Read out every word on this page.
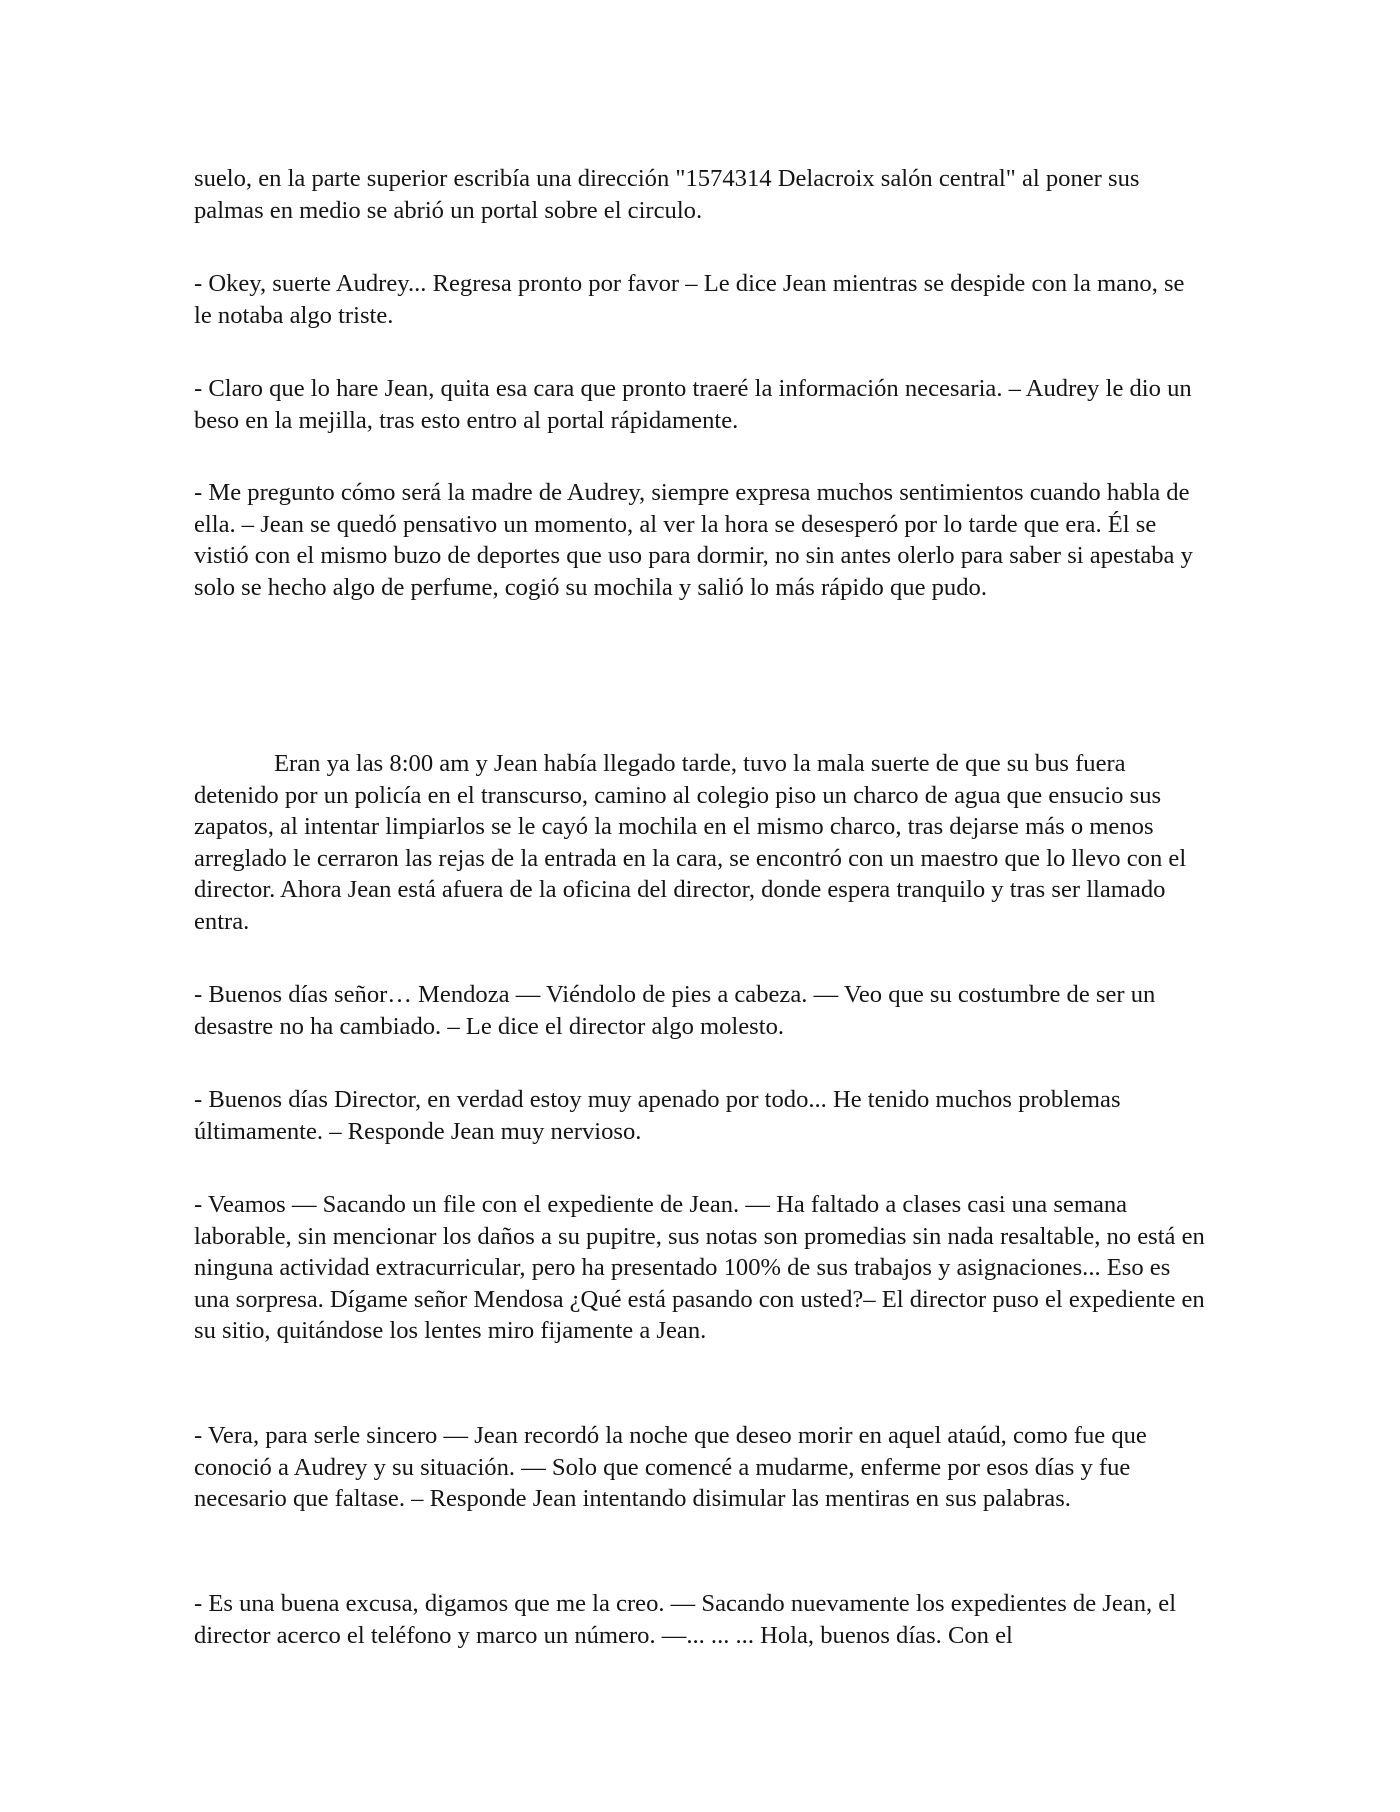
suelo, en la parte superior escribía una dirección "1574314 Delacroix salón central" al poner sus palmas en medio se abrió un portal sobre el circulo.

- Okey, suerte Audrey... Regresa pronto por favor – Le dice Jean mientras se despide con la mano, se le notaba algo triste.

- Claro que lo hare Jean, quita esa cara que pronto traeré la información necesaria. – Audrey le dio un beso en la mejilla, tras esto entro al portal rápidamente.

- Me pregunto cómo será la madre de Audrey, siempre expresa muchos sentimientos cuando habla de ella. – Jean se quedó pensativo un momento, al ver la hora se desesperó por lo tarde que era. Él se vistió con el mismo buzo de deportes que uso para dormir, no sin antes olerlo para saber si apestaba y solo se hecho algo de perfume, cogió su mochila y salió lo más rápido que pudo.

Eran ya las 8:00 am y Jean había llegado tarde, tuvo la mala suerte de que su bus fuera detenido por un policía en el transcurso, camino al colegio piso un charco de agua que ensucio sus zapatos, al intentar limpiarlos se le cayó la mochila en el mismo charco, tras dejarse más o menos arreglado le cerraron las rejas de la entrada en la cara, se encontró con un maestro que lo llevo con el director. Ahora Jean está afuera de la oficina del director, donde espera tranquilo y tras ser llamado entra.

- Buenos días señor… Mendoza — Viéndolo de pies a cabeza. — Veo que su costumbre de ser un desastre no ha cambiado. – Le dice el director algo molesto.

- Buenos días Director, en verdad estoy muy apenado por todo... He tenido muchos problemas últimamente. – Responde Jean muy nervioso.

- Veamos — Sacando un file con el expediente de Jean. — Ha faltado a clases casi una semana laborable, sin mencionar los daños a su pupitre, sus notas son promedias sin nada resaltable, no está en ninguna actividad extracurricular, pero ha presentado 100% de sus trabajos y asignaciones... Eso es una sorpresa. Dígame señor Mendosa ¿Qué está pasando con usted?– El director puso el expediente en su sitio, quitándose los lentes miro fijamente a Jean.

- Vera, para serle sincero — Jean recordó la noche que deseo morir en aquel ataúd, como fue que conoció a Audrey y su situación. — Solo que comencé a mudarme, enferme por esos días y fue necesario que faltase. – Responde Jean intentando disimular las mentiras en sus palabras.

- Es una buena excusa, digamos que me la creo. — Sacando nuevamente los expedientes de Jean, el director acerco el teléfono y marco un número. —... ... ... Hola, buenos días. Con el
